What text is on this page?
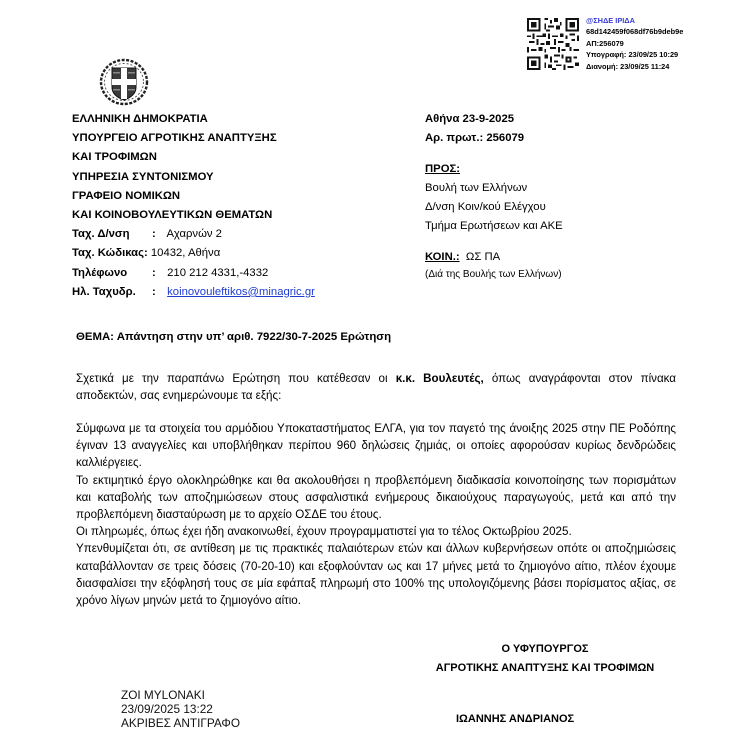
@ΣΗΔΕ ΙΡΙΔΑ
68d142459f068df76b9deb9e
ΑΠ:256079
Υπογραφή: 23/09/25 10:29
Διανομή: 23/09/25 11:24
ΕΛΛΗΝΙΚΗ ΔΗΜΟΚΡΑΤΙΑ
ΥΠΟΥΡΓΕΙΟ ΑΓΡΟΤΙΚΗΣ ΑΝΑΠΤΥΞΗΣ
ΚΑΙ ΤΡΟΦΙΜΩΝ
ΥΠΗΡΕΣΙΑ ΣΥΝΤΟΝΙΣΜΟΥ
ΓΡΑΦΕΙΟ ΝΟΜΙΚΩΝ
ΚΑΙ ΚΟΙΝΟΒΟΥΛΕΥΤΙΚΩΝ ΘΕΜΑΤΩΝ
Ταχ. Δ/νση : Αχαρνών 2
Ταχ. Κώδικας: 10432, Αθήνα
Τηλέφωνο : 210 212 4331,-4332
Ηλ. Ταχυδρ. : koinovouleftikos@minagric.gr
Αθήνα 23-9-2025
Αρ. πρωτ.: 256079
ΠΡΟΣ:
Βουλή των Ελλήνων
Δ/νση Κοιν/κού Ελέγχου
Τμήμα Ερωτήσεων και ΑΚΕ
ΚΟΙΝ.: ΩΣ ΠΑ
(Διά της Βουλής των Ελλήνων)
ΘΕΜΑ: Απάντηση στην υπ’ αριθ. 7922/30-7-2025 Ερώτηση

Σχετικά με την παραπάνω Ερώτηση που κατέθεσαν οι κ.κ. Βουλευτές, όπως αναγράφονται στον πίνακα αποδεκτών, σας ενημερώνουμε τα εξής:

Σύμφωνα με τα στοιχεία του αρμόδιου Υποκαταστήματος ΕΛΓΑ, για τον παγετό της άνοιξης 2025 στην ΠΕ Ροδόπης έγιναν 13 αναγγελίες και υποβλήθηκαν περίπου 960 δηλώσεις ζημιάς, οι οποίες αφορούσαν κυρίως δενδρώδεις καλλιέργειες.

Το εκτιμητικό έργο ολοκληρώθηκε και θα ακολουθήσει η προβλεπόμενη διαδικασία κοινοποίησης των πορισμάτων και καταβολής των αποζημιώσεων στους ασφαλιστικά ενήμερους δικαιούχους παραγωγούς, μετά και από την προβλεπόμενη διασταύρωση με το αρχείο ΟΣΔΕ του έτους.

Οι πληρωμές, όπως έχει ήδη ανακοινωθεί, έχουν προγραμματιστεί για το τέλος Οκτωβρίου 2025.

Υπενθυμίζεται ότι, σε αντίθεση με τις πρακτικές παλαιότερων ετών και άλλων κυβερνήσεων οπότε οι αποζημιώσεις καταβάλλονταν σε τρεις δόσεις (70-20-10) και εξοφλούνταν ως και 17 μήνες μετά το ζημιογόνο αίτιο, πλέον έχουμε διασφαλίσει την εξόφλησή τους σε μία εφάπαξ πληρωμή στο 100% της υπολογιζόμενης βάσει πορίσματος αξίας, σε χρόνο λίγων μηνών μετά το ζημιογόνο αίτιο.

Ο ΥΦΥΠΟΥΡΓΟΣ
ΑΓΡΟΤΙΚΗΣ ΑΝΑΠΤΥΞΗΣ ΚΑΙ ΤΡΟΦΙΜΩΝ
ΙΩΑΝΝΗΣ ΑΝΔΡΙΑΝΟΣ
ZOI MYLONAKI
23/09/2025 13:22
ΑΚΡΙΒΕΣ ΑΝΤΙΓΡΑΦΟ
